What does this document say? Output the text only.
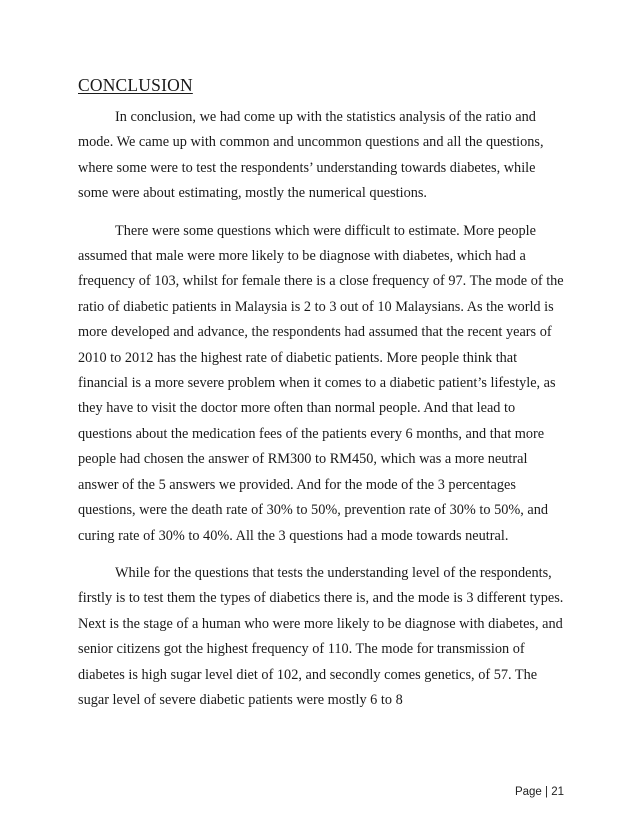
CONCLUSION

In conclusion, we had come up with the statistics analysis of the ratio and mode. We came up with common and uncommon questions and all the questions, where some were to test the respondents’ understanding towards diabetes, while some were about estimating, mostly the numerical questions.

There were some questions which were difficult to estimate. More people assumed that male were more likely to be diagnose with diabetes, which had a frequency of 103, whilst for female there is a close frequency of 97. The mode of the ratio of diabetic patients in Malaysia is 2 to 3 out of 10 Malaysians. As the world is more developed and advance, the respondents had assumed that the recent years of 2010 to 2012 has the highest rate of diabetic patients. More people think that financial is a more severe problem when it comes to a diabetic patient’s lifestyle, as they have to visit the doctor more often than normal people. And that lead to questions about the medication fees of the patients every 6 months, and that more people had chosen the answer of RM300 to RM450, which was a more neutral answer of the 5 answers we provided. And for the mode of the 3 percentages questions, were the death rate of 30% to 50%, prevention rate of 30% to 50%, and curing rate of 30% to 40%. All the 3 questions had a mode towards neutral.

While for the questions that tests the understanding level of the respondents, firstly is to test them the types of diabetics there is, and the mode is 3 different types. Next is the stage of a human who were more likely to be diagnose with diabetes, and senior citizens got the highest frequency of 110. The mode for transmission of diabetes is high sugar level diet of 102, and secondly comes genetics, of 57. The sugar level of severe diabetic patients were mostly 6 to 8

Page | 21
